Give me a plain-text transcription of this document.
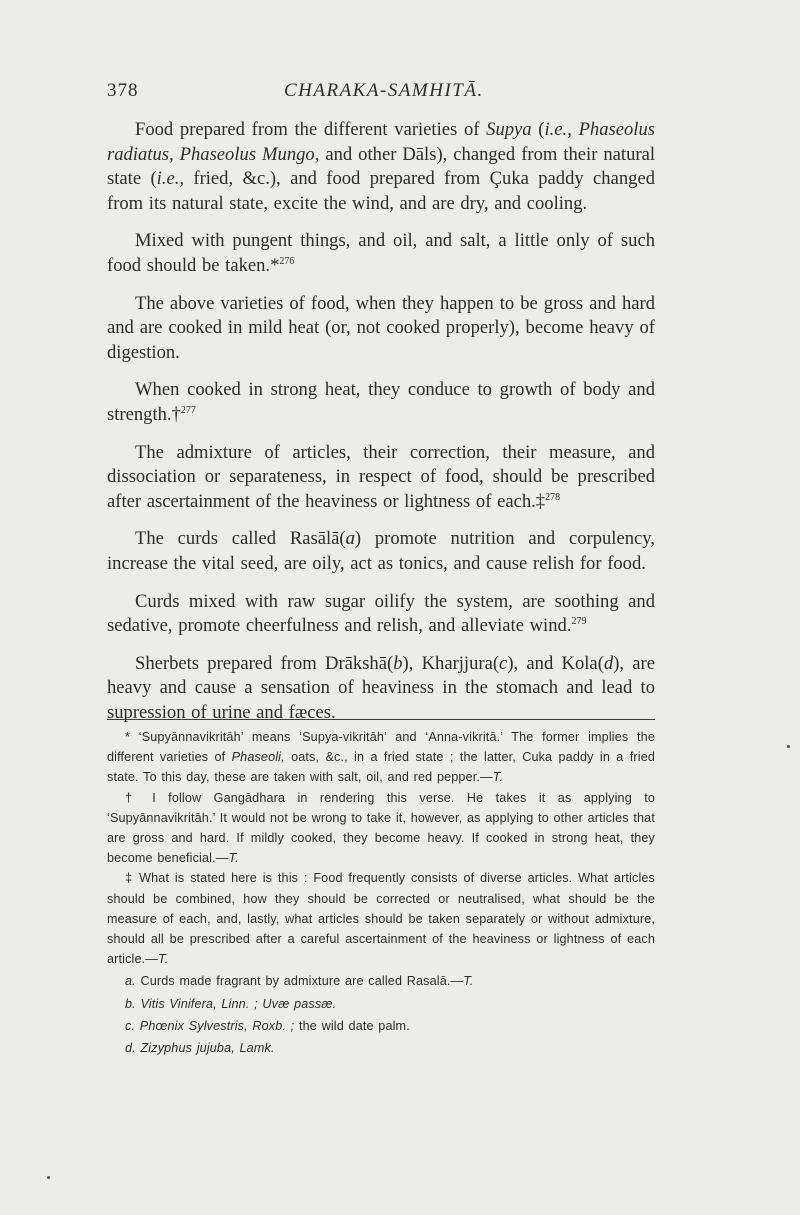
378	CHARAKA-SAMHITĀ.

Food prepared from the different varieties of Supya (i.e., Phaseolus radiatus, Phaseolus Mungo, and other Dāls), changed from their natural state (i.e., fried, &c.), and food prepared from Çuka paddy changed from its natural state, excite the wind, and are dry, and cooling.

Mixed with pungent things, and oil, and salt, a little only of such food should be taken.*$^{276}$

The above varieties of food, when they happen to be gross and hard and are cooked in mild heat (or, not cooked properly), become heavy of digestion.

When cooked in strong heat, they conduce to growth of body and strength.†$^{277}$

The admixture of articles, their correction, their measure, and dissociation or separateness, in respect of food, should be prescribed after ascertainment of the heaviness or lightness of each.‡$^{278}$

The curds called Rasālā(a) promote nutrition and corpulency, increase the vital seed, are oily, act as tonics, and cause relish for food.

Curds mixed with raw sugar oilify the system, are soothing and sedative, promote cheerfulness and relish, and alleviate wind.$^{279}$

Sherbets prepared from Drākshā(b), Kharjjura(c), and Kola(d), are heavy and cause a sensation of heaviness in the stomach and lead to supression of urine and fæces.

* ‘Supyānnavikritāh’ means ‘Supya-vikritāh’ and ‘Anna-vikritā.’ The former implies the different varieties of Phaseoli, oats, &c., in a fried state ; the latter, Cuka paddy in a fried state. To this day, these are taken with salt, oil, and red pepper.—T.

† I follow Gangādhara in rendering this verse. He takes it as applying to ‘Supyānnavikritāh.’ It would not be wrong to take it, however, as applying to other articles that are gross and hard. If mildly cooked, they become heavy. If cooked in strong heat, they become beneficial.—T.

‡ What is stated here is this : Food frequently consists of diverse articles. What articles should be combined, how they should be corrected or neutralised, what should be the measure of each, and, lastly, what articles should be taken separately or without admixture, should all be prescribed after a careful ascertainment of the heaviness or lightness of each article.—T.

a. Curds made fragrant by admixture are called Rasalā.—T.

b. Vitis Vinifera, Linn. ; Uvæ passæ.

c. Phœnix Sylvestris, Roxb. ; the wild date palm.

d. Zizyphus jujuba, Lamk.
